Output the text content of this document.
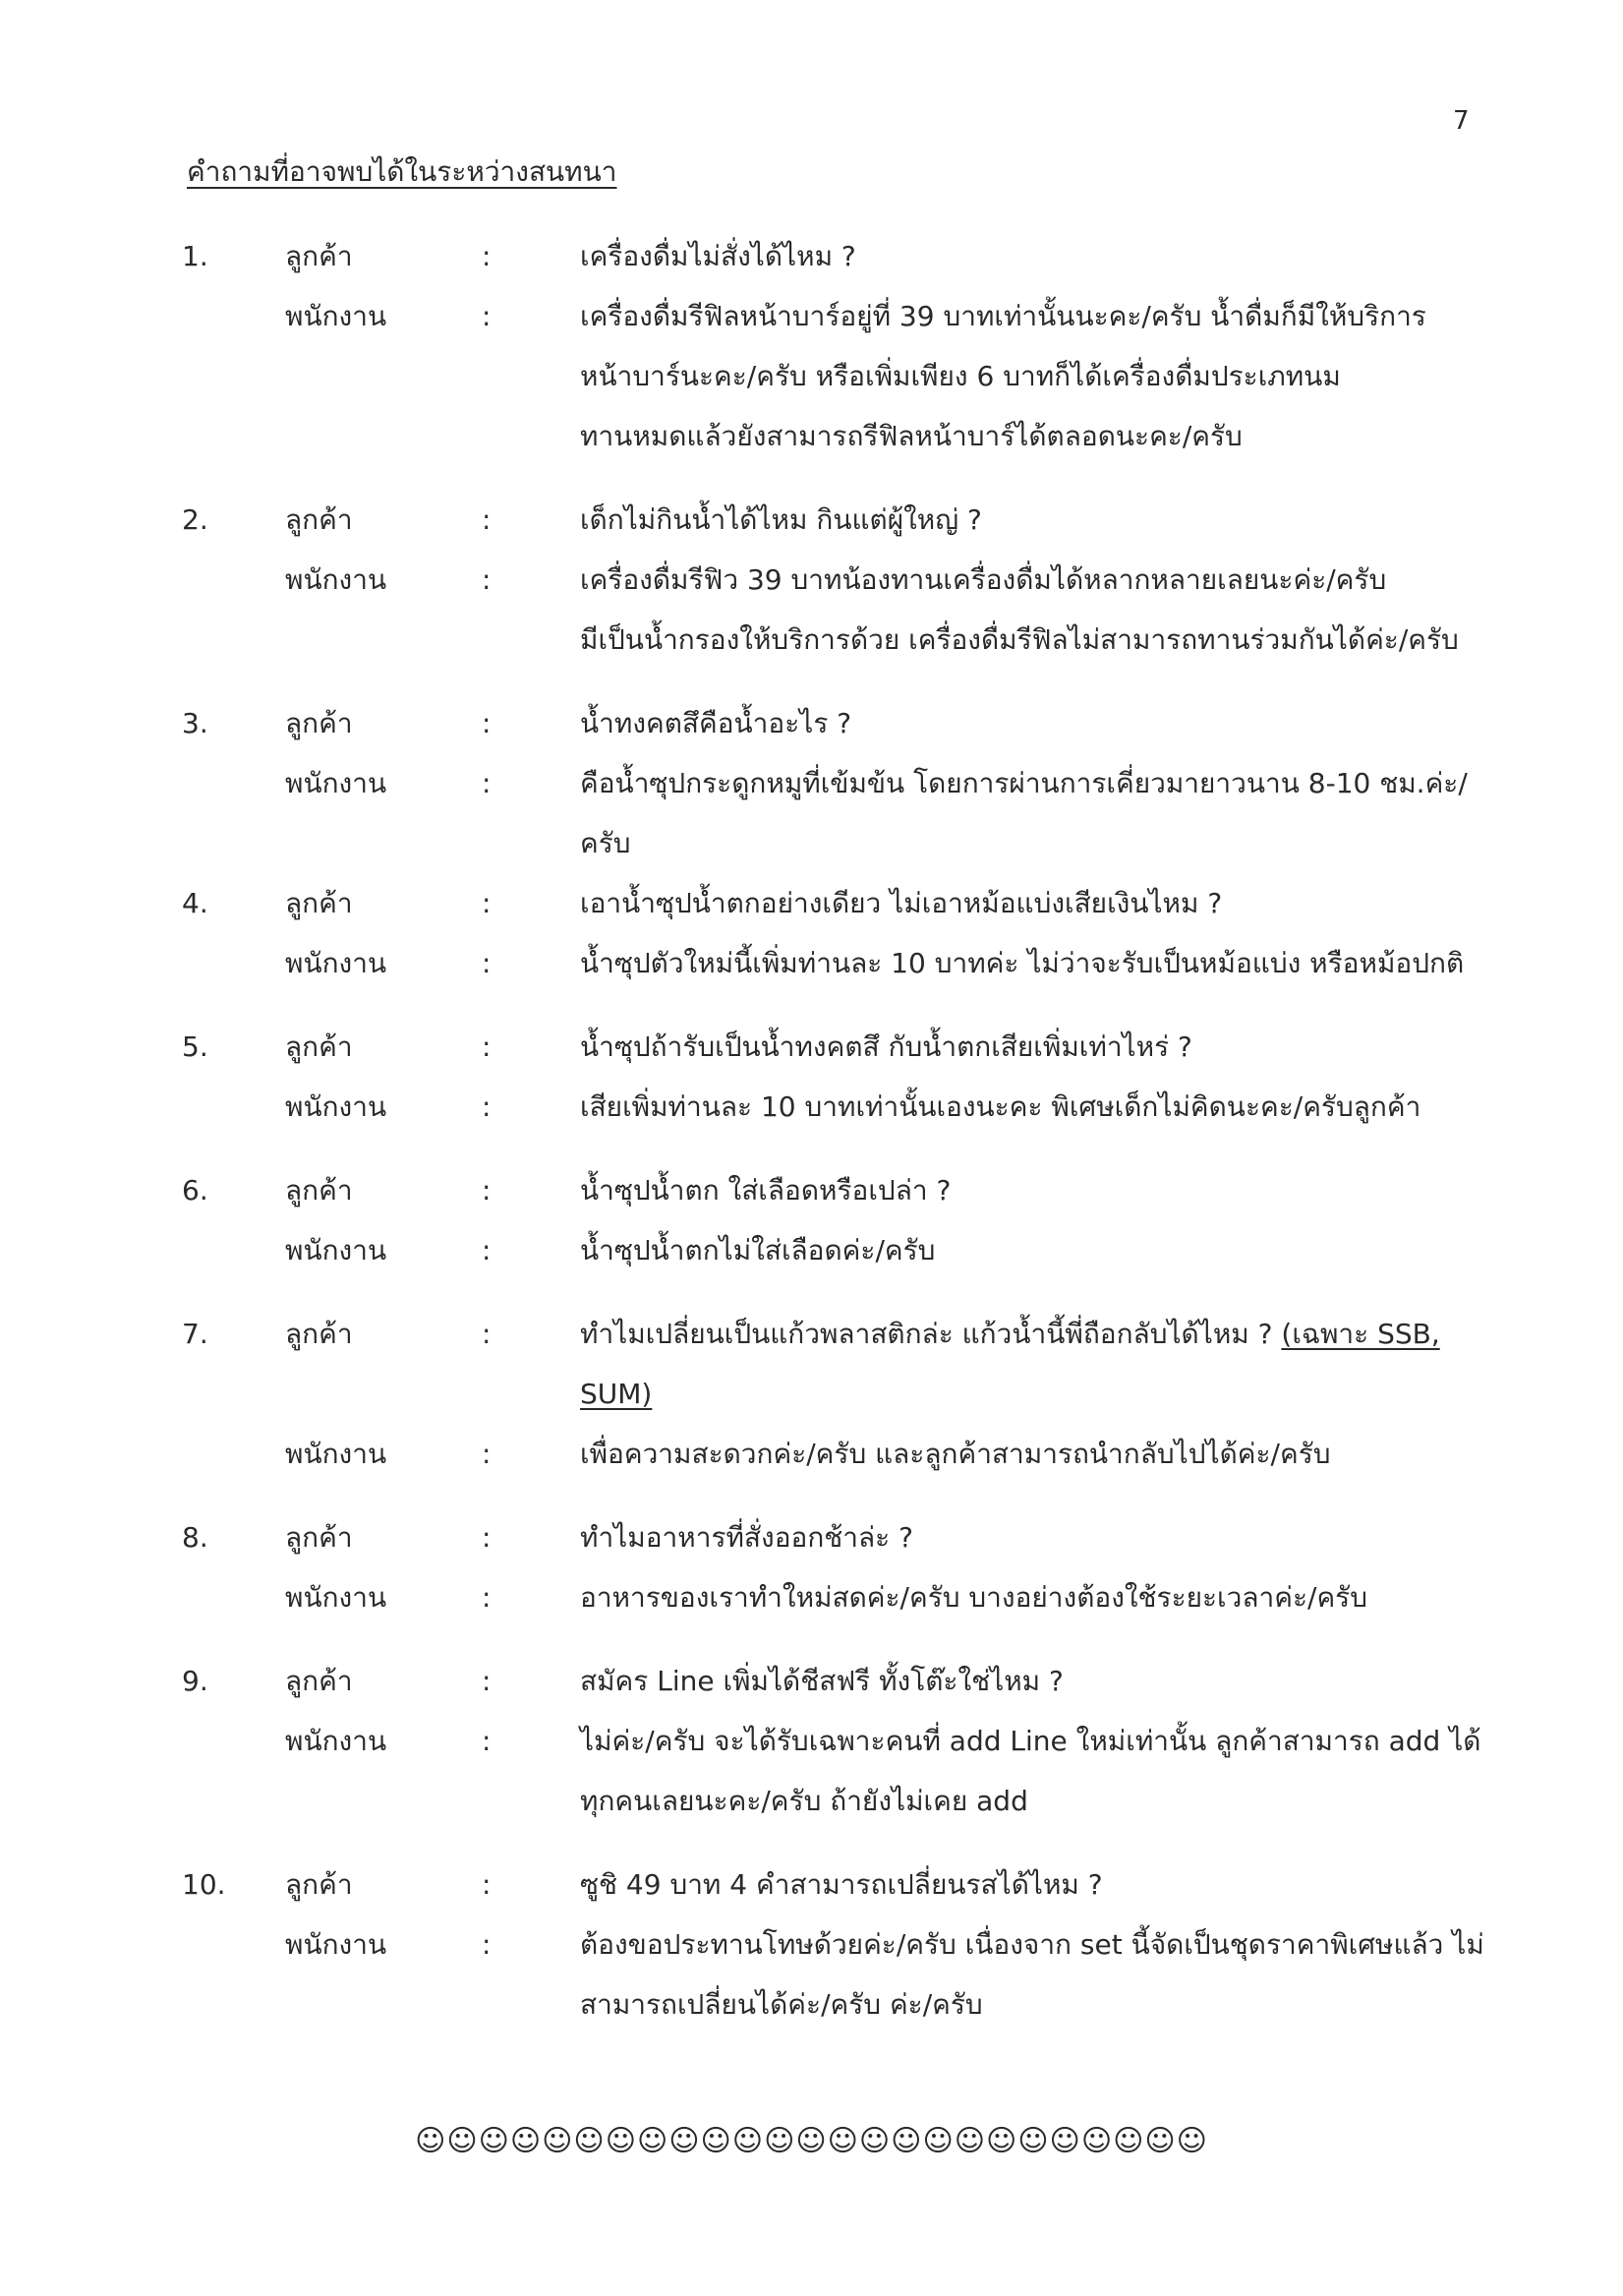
7
คำถามที่อาจพบได้ในระหว่างสนทนา
1.	ลูกค้า	:	เครื่องดื่มไม่สั่งได้ไหม ?
พนักงาน	:	เครื่องดื่มรีฟิลหน้าบาร์อยู่ที่ 39 บาทเท่านั้นนะคะ/ครับ น้ำดื่มก็มีให้บริการ
หน้าบาร์นะคะ/ครับ หรือเพิ่มเพียง 6 บาทก็ได้เครื่องดื่มประเภทนม
ทานหมดแล้วยังสามารถรีฟิลหน้าบาร์ได้ตลอดนะคะ/ครับ
2.	ลูกค้า	:	เด็กไม่กินน้ำได้ไหม กินแต่ผู้ใหญ่ ?
พนักงาน	:	เครื่องดื่มรีฟิว 39 บาทน้องทานเครื่องดื่มได้หลากหลายเลยนะค่ะ/ครับ
มีเป็นน้ำกรองให้บริการด้วย เครื่องดื่มรีฟิลไม่สามารถทานร่วมกันได้ค่ะ/ครับ
3.	ลูกค้า	:	น้ำทงคตสึคือน้ำอะไร ?
พนักงาน	:	คือน้ำซุปกระดูกหมูที่เข้มข้น โดยการผ่านการเคี่ยวมายาวนาน 8-10 ชม.ค่ะ/
ครับ
4.	ลูกค้า	:	เอาน้ำซุปน้ำตกอย่างเดียว ไม่เอาหม้อแบ่งเสียเงินไหม ?
พนักงาน	:	น้ำซุปตัวใหม่นี้เพิ่มท่านละ 10 บาทค่ะ ไม่ว่าจะรับเป็นหม้อแบ่ง หรือหม้อปกติ
5.	ลูกค้า	:	น้ำซุปถ้ารับเป็นน้ำทงคตสึ กับน้ำตกเสียเพิ่มเท่าไหร่ ?
พนักงาน	:	เสียเพิ่มท่านละ 10 บาทเท่านั้นเองนะคะ พิเศษเด็กไม่คิดนะคะ/ครับลูกค้า
6.	ลูกค้า	:	น้ำซุปน้ำตก ใส่เลือดหรือเปล่า ?
พนักงาน	:	น้ำซุปน้ำตกไม่ใส่เลือดค่ะ/ครับ
7.	ลูกค้า	:	ทำไมเปลี่ยนเป็นแก้วพลาสติกล่ะ แก้วน้ำนี้พี่ถือกลับได้ไหม ? (เฉพาะ SSB,
SUM)
พนักงาน	:	เพื่อความสะดวกค่ะ/ครับ และลูกค้าสามารถนำกลับไปได้ค่ะ/ครับ
8.	ลูกค้า	:	ทำไมอาหารที่สั่งออกช้าล่ะ ?
พนักงาน	:	อาหารของเราทำใหม่สดค่ะ/ครับ บางอย่างต้องใช้ระยะเวลาค่ะ/ครับ
9.	ลูกค้า	:	สมัคร Line เพิ่มได้ชีสฟรี ทั้งโต๊ะใช่ไหม ?
พนักงาน	:	ไม่ค่ะ/ครับ จะได้รับเฉพาะคนที่ add Line ใหม่เท่านั้น ลูกค้าสามารถ add ได้
ทุกคนเลยนะคะ/ครับ ถ้ายังไม่เคย add
10.	ลูกค้า	:	ซูชิ 49 บาท 4 คำสามารถเปลี่ยนรสได้ไหม ?
พนักงาน	:	ต้องขอประทานโทษด้วยค่ะ/ครับ เนื่องจาก set นี้จัดเป็นชุดราคาพิเศษแล้ว ไม่
สามารถเปลี่ยนได้ค่ะ/ครับ ค่ะ/ครับ
☺☺☺☺☺☺☺☺☺☺☺☺☺☺☺☺☺☺☺☺☺☺☺☺☺
